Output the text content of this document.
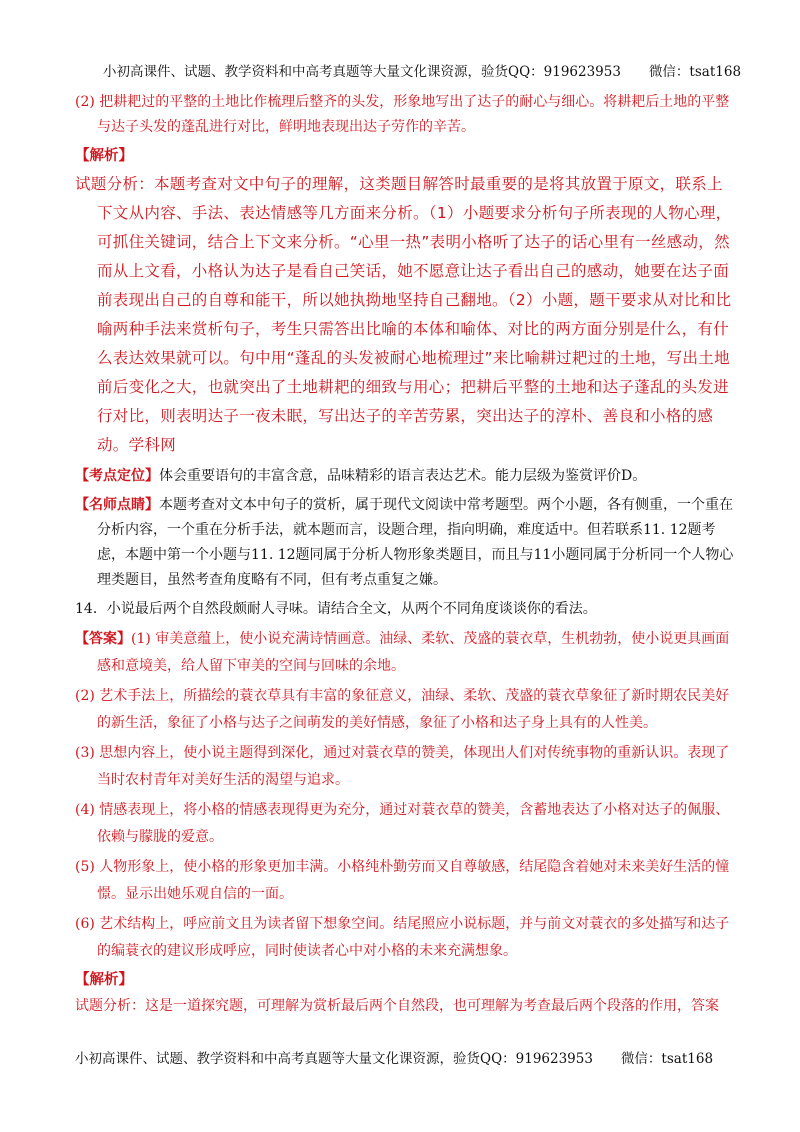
小初高课件、试题、教学资料和中高考真题等大量文化课资源，验货QQ：919623953 微信：tsat168

(2) 把耕耙过的平整的土地比作梳理后整齐的头发，形象地写出了达子的耐心与细心。将耕耙后土地的平整与达子头发的蓬乱进行对比，鲜明地表现出达子劳作的辛苦。

【解析】

试题分析：本题考查对文中句子的理解，这类题目解答时最重要的是将其放置于原文，联系上下文从内容、手法、表达情感等几方面来分析。（1）小题要求分析句子所表现的人物心理，可抓住关键词，结合上下文来分析。“心里一热”表明小格听了达子的话心里有一丝感动，然而从上文看，小格认为达子是看自己笑话，她不愿意让达子看出自己的感动，她要在达子面前表现出自己的自尊和能干，所以她执拗地坚持自己翻地。（2）小题，题干要求从对比和比喻两种手法来赏析句子，考生只需答出比喻的本体和喻体、对比的两方面分别是什么，有什么表达效果就可以。句中用“蓬乱的头发被耐心地梳理过”来比喻耕过耙过的土地，写出土地前后变化之大，也就突出了土地耕耙的细致与用心；把耕后平整的土地和达子蓬乱的头发进行对比，则表明达子一夜未眠，写出达子的辛苦劳累，突出达子的淳朴、善良和小格的感动。学科网

【考点定位】体会重要语句的丰富含意，品味精彩的语言表达艺术。能力层级为鉴赏评价D。

【名师点睛】本题考查对文本中句子的赏析，属于现代文阅读中常考题型。两个小题，各有侧重，一个重在分析内容，一个重在分析手法，就本题而言，设题合理，指向明确，难度适中。但若联系11. 12题考虑，本题中第一个小题与11. 12题同属于分析人物形象类题目，而且与11小题同属于分析同一个人物心理类题目，虽然考查角度略有不同，但有考点重复之嫌。

14．小说最后两个自然段颇耐人寻味。请结合全文，从两个不同角度谈谈你的看法。

【答案】(1) 审美意蕴上，使小说充满诗情画意。油绿、柔软、茂盛的蓑衣草，生机勃勃，使小说更具画面感和意境美，给人留下审美的空间与回味的余地。

(2) 艺术手法上，所描绘的蓑衣草具有丰富的象征意义，油绿、柔软、茂盛的蓑衣草象征了新时期农民美好的新生活，象征了小格与达子之间萌发的美好情感，象征了小格和达子身上具有的人性美。

(3) 思想内容上，使小说主题得到深化，通过对蓑衣草的赞美，体现出人们对传统事物的重新认识。表现了当时农村青年对美好生活的渴望与追求。

(4) 情感表现上，将小格的情感表现得更为充分，通过对蓑衣草的赞美，含蓄地表达了小格对达子的佩服、依赖与朦胧的爱意。

(5) 人物形象上，使小格的形象更加丰满。小格纯朴勤劳而又自尊敏感，结尾隐含着她对未来美好生活的憧憬。显示出她乐观自信的一面。

(6) 艺术结构上，呼应前文且为读者留下想象空间。结尾照应小说标题，并与前文对蓑衣的多处描写和达子的编蓑衣的建议形成呼应，同时使读者心中对小格的未来充满想象。

【解析】

试题分析：这是一道探究题，可理解为赏析最后两个自然段，也可理解为考查最后两个段落的作用，答案

小初高课件、试题、教学资料和中高考真题等大量文化课资源，验货QQ：919623953 微信：tsat168
